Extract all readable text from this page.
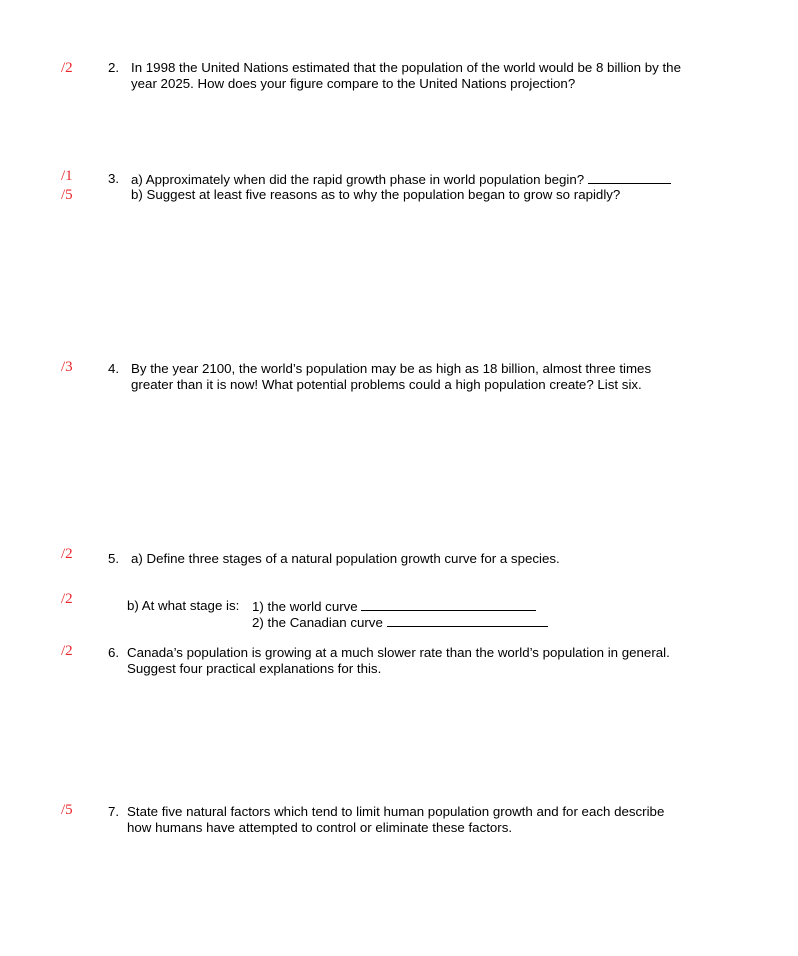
/2	2. In 1998 the United Nations estimated that the population of the world would be 8 billion by the
year 2025. How does your figure compare to the United Nations projection?
/1
/5
3. a) Approximately when did the rapid growth phase in world population begin?
b) Suggest at least five reasons as to why the population began to grow so rapidly?
/3	4. By the year 2100, the world’s population may be as high as 18 billion, almost three times
greater than it is now! What potential problems could a high population create? List six.
/2
/2
5. a) Define three stages of a natural population growth curve for a species.
b) At what stage is: 1) the world curve
2) the Canadian curve
/2	6. Canada’s population is growing at a much slower rate than the world’s population in general.
Suggest four practical explanations for this.
/5	7. State five natural factors which tend to limit human population growth and for each describe
how humans have attempted to control or eliminate these factors.
